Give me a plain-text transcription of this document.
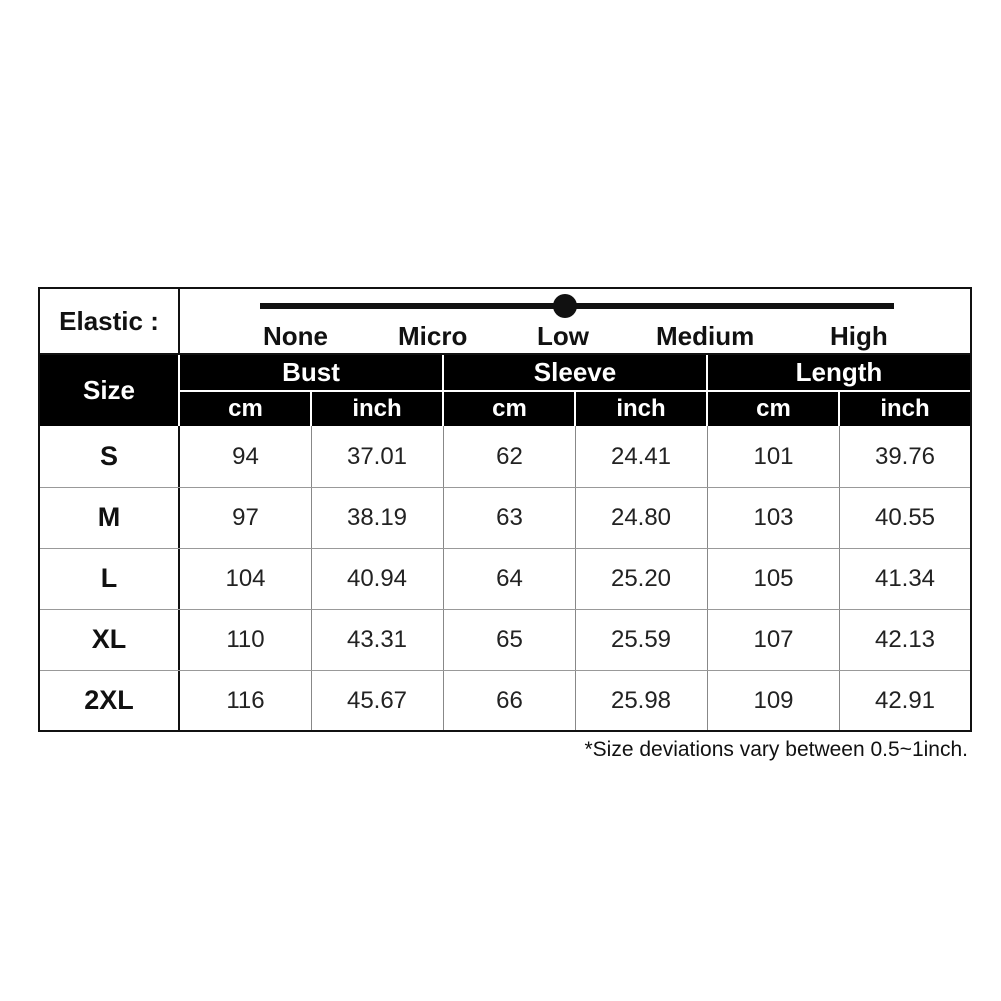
Elastic :	None	Micro	Low	Medium	High
Size
Bust	Sleeve	Length
cm	inch	cm	inch	cm	inch
S	94	37.01	62	24.41	101	39.76
M	97	38.19	63	24.80	103	40.55
L	104	40.94	64	25.20	105	41.34
XL	110	43.31	65	25.59	107	42.13
2XL	116	45.67	66	25.98	109	42.91
*Size deviations vary between 0.5~1inch.
